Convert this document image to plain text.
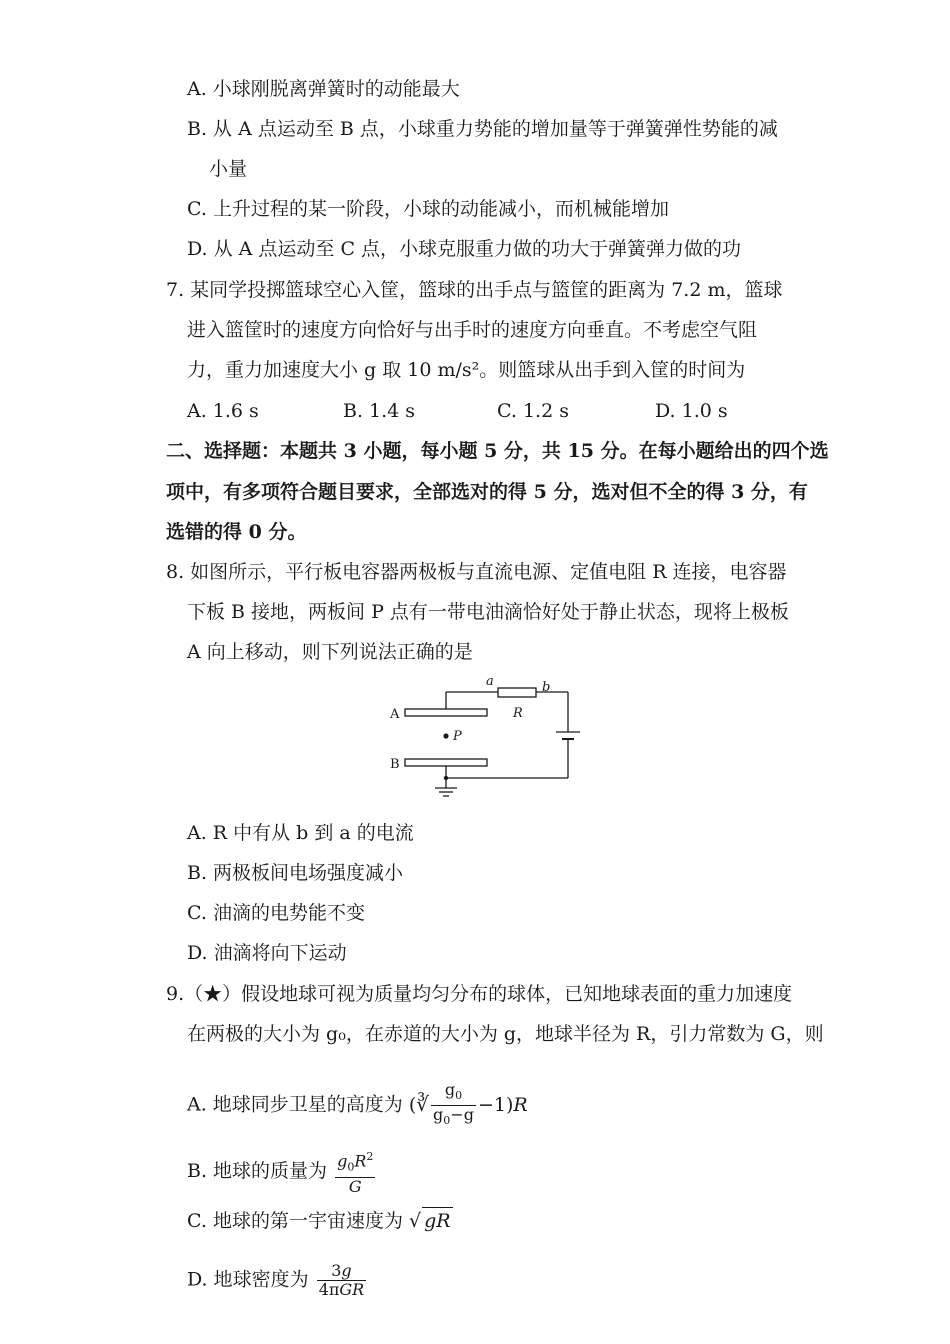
A. 小球刚脱离弹簧时的动能最大
B. 从 A 点运动至 B 点，小球重力势能的增加量等于弹簧弹性势能的减
小量
C. 上升过程的某一阶段，小球的动能减小，而机械能增加
D. 从 A 点运动至 C 点，小球克服重力做的功大于弹簧弹力做的功
7. 某同学投掷篮球空心入筐，篮球的出手点与篮筐的距离为 7.2 m，篮球
进入篮筐时的速度方向恰好与出手时的速度方向垂直。不考虑空气阻
力，重力加速度大小 g 取 10 m/s²。则篮球从出手到入筐的时间为
A. 1.6 s	B. 1.4 s	C. 1.2 s	D. 1.0 s
二、选择题：本题共 3 小题，每小题 5 分，共 15 分。在每小题给出的四个选
项中，有多项符合题目要求，全部选对的得 5 分，选对但不全的得 3 分，有
选错的得 0 分。
8. 如图所示，平行板电容器两极板与直流电源、定值电阻 R 连接，电容器
下板 B 接地，两板间 P 点有一带电油滴恰好处于静止状态，现将上极板
A 向上移动，则下列说法正确的是
a	b
R
A
B
P
A. R 中有从 b 到 a 的电流
B. 两极板间电场强度减小
C. 油滴的电势能不变
D. 油滴将向下运动
9.（★）假设地球可视为质量均匀分布的球体，已知地球表面的重力加速度
在两极的大小为 g₀，在赤道的大小为 g，地球半径为 R，引力常数为 G，则
A. 地球同步卫星的高度为 (∛ $\frac{g_0}{g_0-g} -1)R$
B. 地球的质量为 $\frac{g_0R^2}{G}$
C. 地球的第一宇宙速度为 √ gR
D. 地球密度为 $\frac{3g}{\text{4πGR}}$
